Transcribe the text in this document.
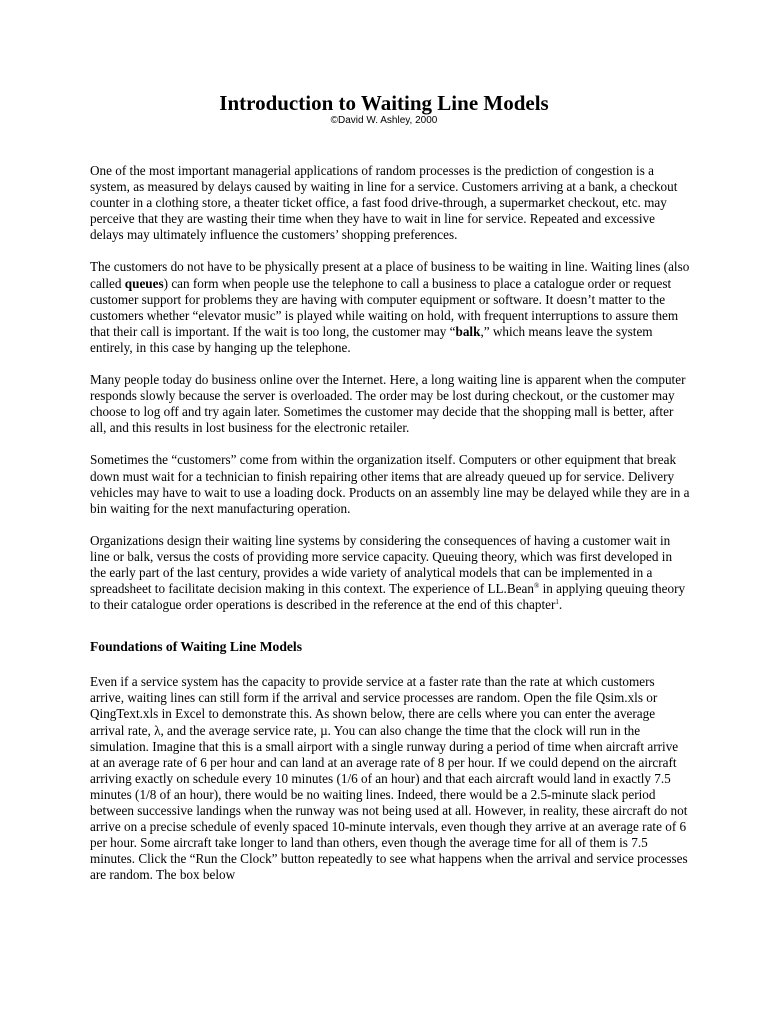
Introduction to Waiting Line Models
©David W. Ashley, 2000

One of the most important managerial applications of random processes is the prediction of congestion is a system, as measured by delays caused by waiting in line for a service. Customers arriving at a bank, a checkout counter in a clothing store, a theater ticket office, a fast food drive-through, a supermarket checkout, etc. may perceive that they are wasting their time when they have to wait in line for service. Repeated and excessive delays may ultimately influence the customers’ shopping preferences.

The customers do not have to be physically present at a place of business to be waiting in line. Waiting lines (also called queues) can form when people use the telephone to call a business to place a catalogue order or request customer support for problems they are having with computer equipment or software. It doesn’t matter to the customers whether “elevator music” is played while waiting on hold, with frequent interruptions to assure them that their call is important. If the wait is too long, the customer may “balk,” which means leave the system entirely, in this case by hanging up the telephone.

Many people today do business online over the Internet. Here, a long waiting line is apparent when the computer responds slowly because the server is overloaded. The order may be lost during checkout, or the customer may choose to log off and try again later. Sometimes the customer may decide that the shopping mall is better, after all, and this results in lost business for the electronic retailer.

Sometimes the “customers” come from within the organization itself. Computers or other equipment that break down must wait for a technician to finish repairing other items that are already queued up for service. Delivery vehicles may have to wait to use a loading dock. Products on an assembly line may be delayed while they are in a bin waiting for the next manufacturing operation.

Organizations design their waiting line systems by considering the consequences of having a customer wait in line or balk, versus the costs of providing more service capacity. Queuing theory, which was first developed in the early part of the last century, provides a wide variety of analytical models that can be implemented in a spreadsheet to facilitate decision making in this context. The experience of LL.Bean® in applying queuing theory to their catalogue order operations is described in the reference at the end of this chapter$^1$.

Foundations of Waiting Line Models

Even if a service system has the capacity to provide service at a faster rate than the rate at which customers arrive, waiting lines can still form if the arrival and service processes are random. Open the file Qsim.xls or QingText.xls in Excel to demonstrate this. As shown below, there are cells where you can enter the average arrival rate, λ, and the average service rate, µ. You can also change the time that the clock will run in the simulation. Imagine that this is a small airport with a single runway during a period of time when aircraft arrive at an average rate of 6 per hour and can land at an average rate of 8 per hour. If we could depend on the aircraft arriving exactly on schedule every 10 minutes (1/6 of an hour) and that each aircraft would land in exactly 7.5 minutes (1/8 of an hour), there would be no waiting lines. Indeed, there would be a 2.5-minute slack period between successive landings when the runway was not being used at all. However, in reality, these aircraft do not arrive on a precise schedule of evenly spaced 10-minute intervals, even though they arrive at an average rate of 6 per hour. Some aircraft take longer to land than others, even though the average time for all of them is 7.5 minutes. Click the “Run the Clock” button repeatedly to see what happens when the arrival and service processes are random. The box below
